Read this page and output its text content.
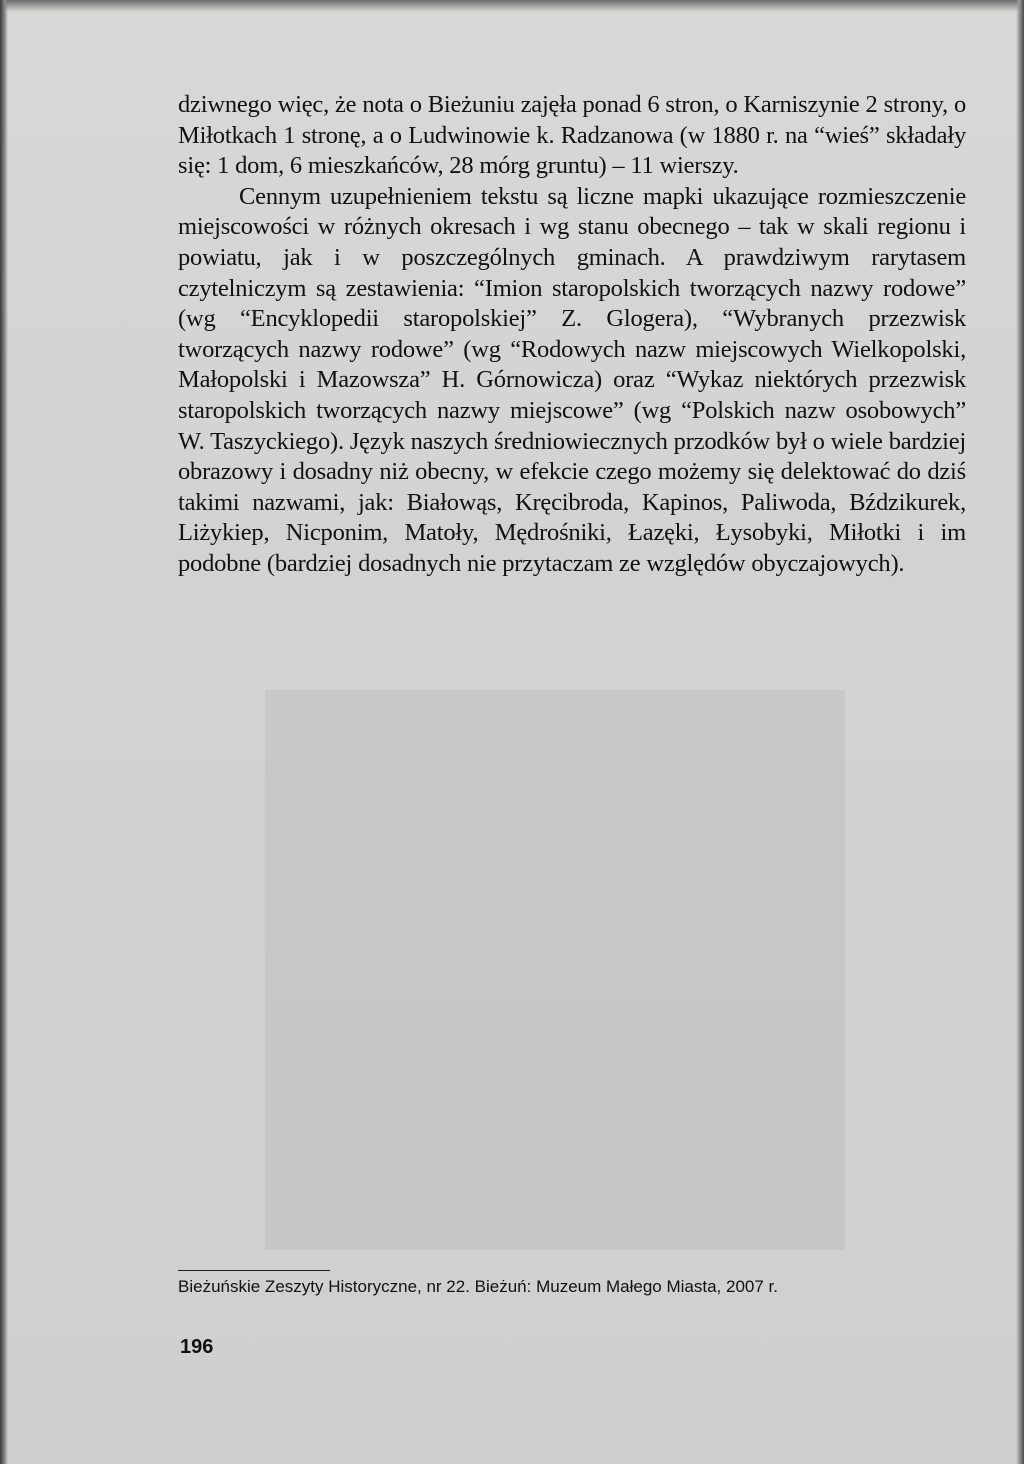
dziwnego więc, że nota o Bieżuniu zajęła ponad 6 stron, o Karniszynie 2 strony, o Miłotkach 1 stronę, a o Ludwinowie k. Radzanowa (w 1880 r. na “wieś” składały się: 1 dom, 6 mieszkańców, 28 mórg gruntu) – 11 wierszy.

Cennym uzupełnieniem tekstu są liczne mapki ukazujące rozmieszczenie miejscowości w różnych okresach i wg stanu obecnego – tak w skali regionu i powiatu, jak i w poszczególnych gminach. A prawdziwym rarytasem czytelniczym są zestawienia: “Imion staropolskich tworzących nazwy rodowe” (wg “Encyklopedii staropolskiej” Z. Glogera), “Wybranych przezwisk tworzących nazwy rodowe” (wg “Rodowych nazw miejscowych Wielkopolski, Małopolski i Mazowsza” H. Górnowicza) oraz “Wykaz niektórych przezwisk staropolskich tworzących nazwy miejscowe” (wg “Polskich nazw osobowych” W. Taszyckiego). Język naszych średniowiecznych przodków był o wiele bardziej obrazowy i dosadny niż obecny, w efekcie czego możemy się delektować do dziś takimi nazwami, jak: Białowąs, Kręcibroda, Kapinos, Paliwoda, Bździkurek, Liżykiep, Nicponim, Matoły, Mędrośniki, Łazęki, Łysobyki, Miłotki i im podobne (bardziej dosadnych nie przytaczam ze względów obyczajowych).

Bieżuńskie Zeszyty Historyczne, nr 22. Bieżuń: Muzeum Małego Miasta, 2007 r.
196
